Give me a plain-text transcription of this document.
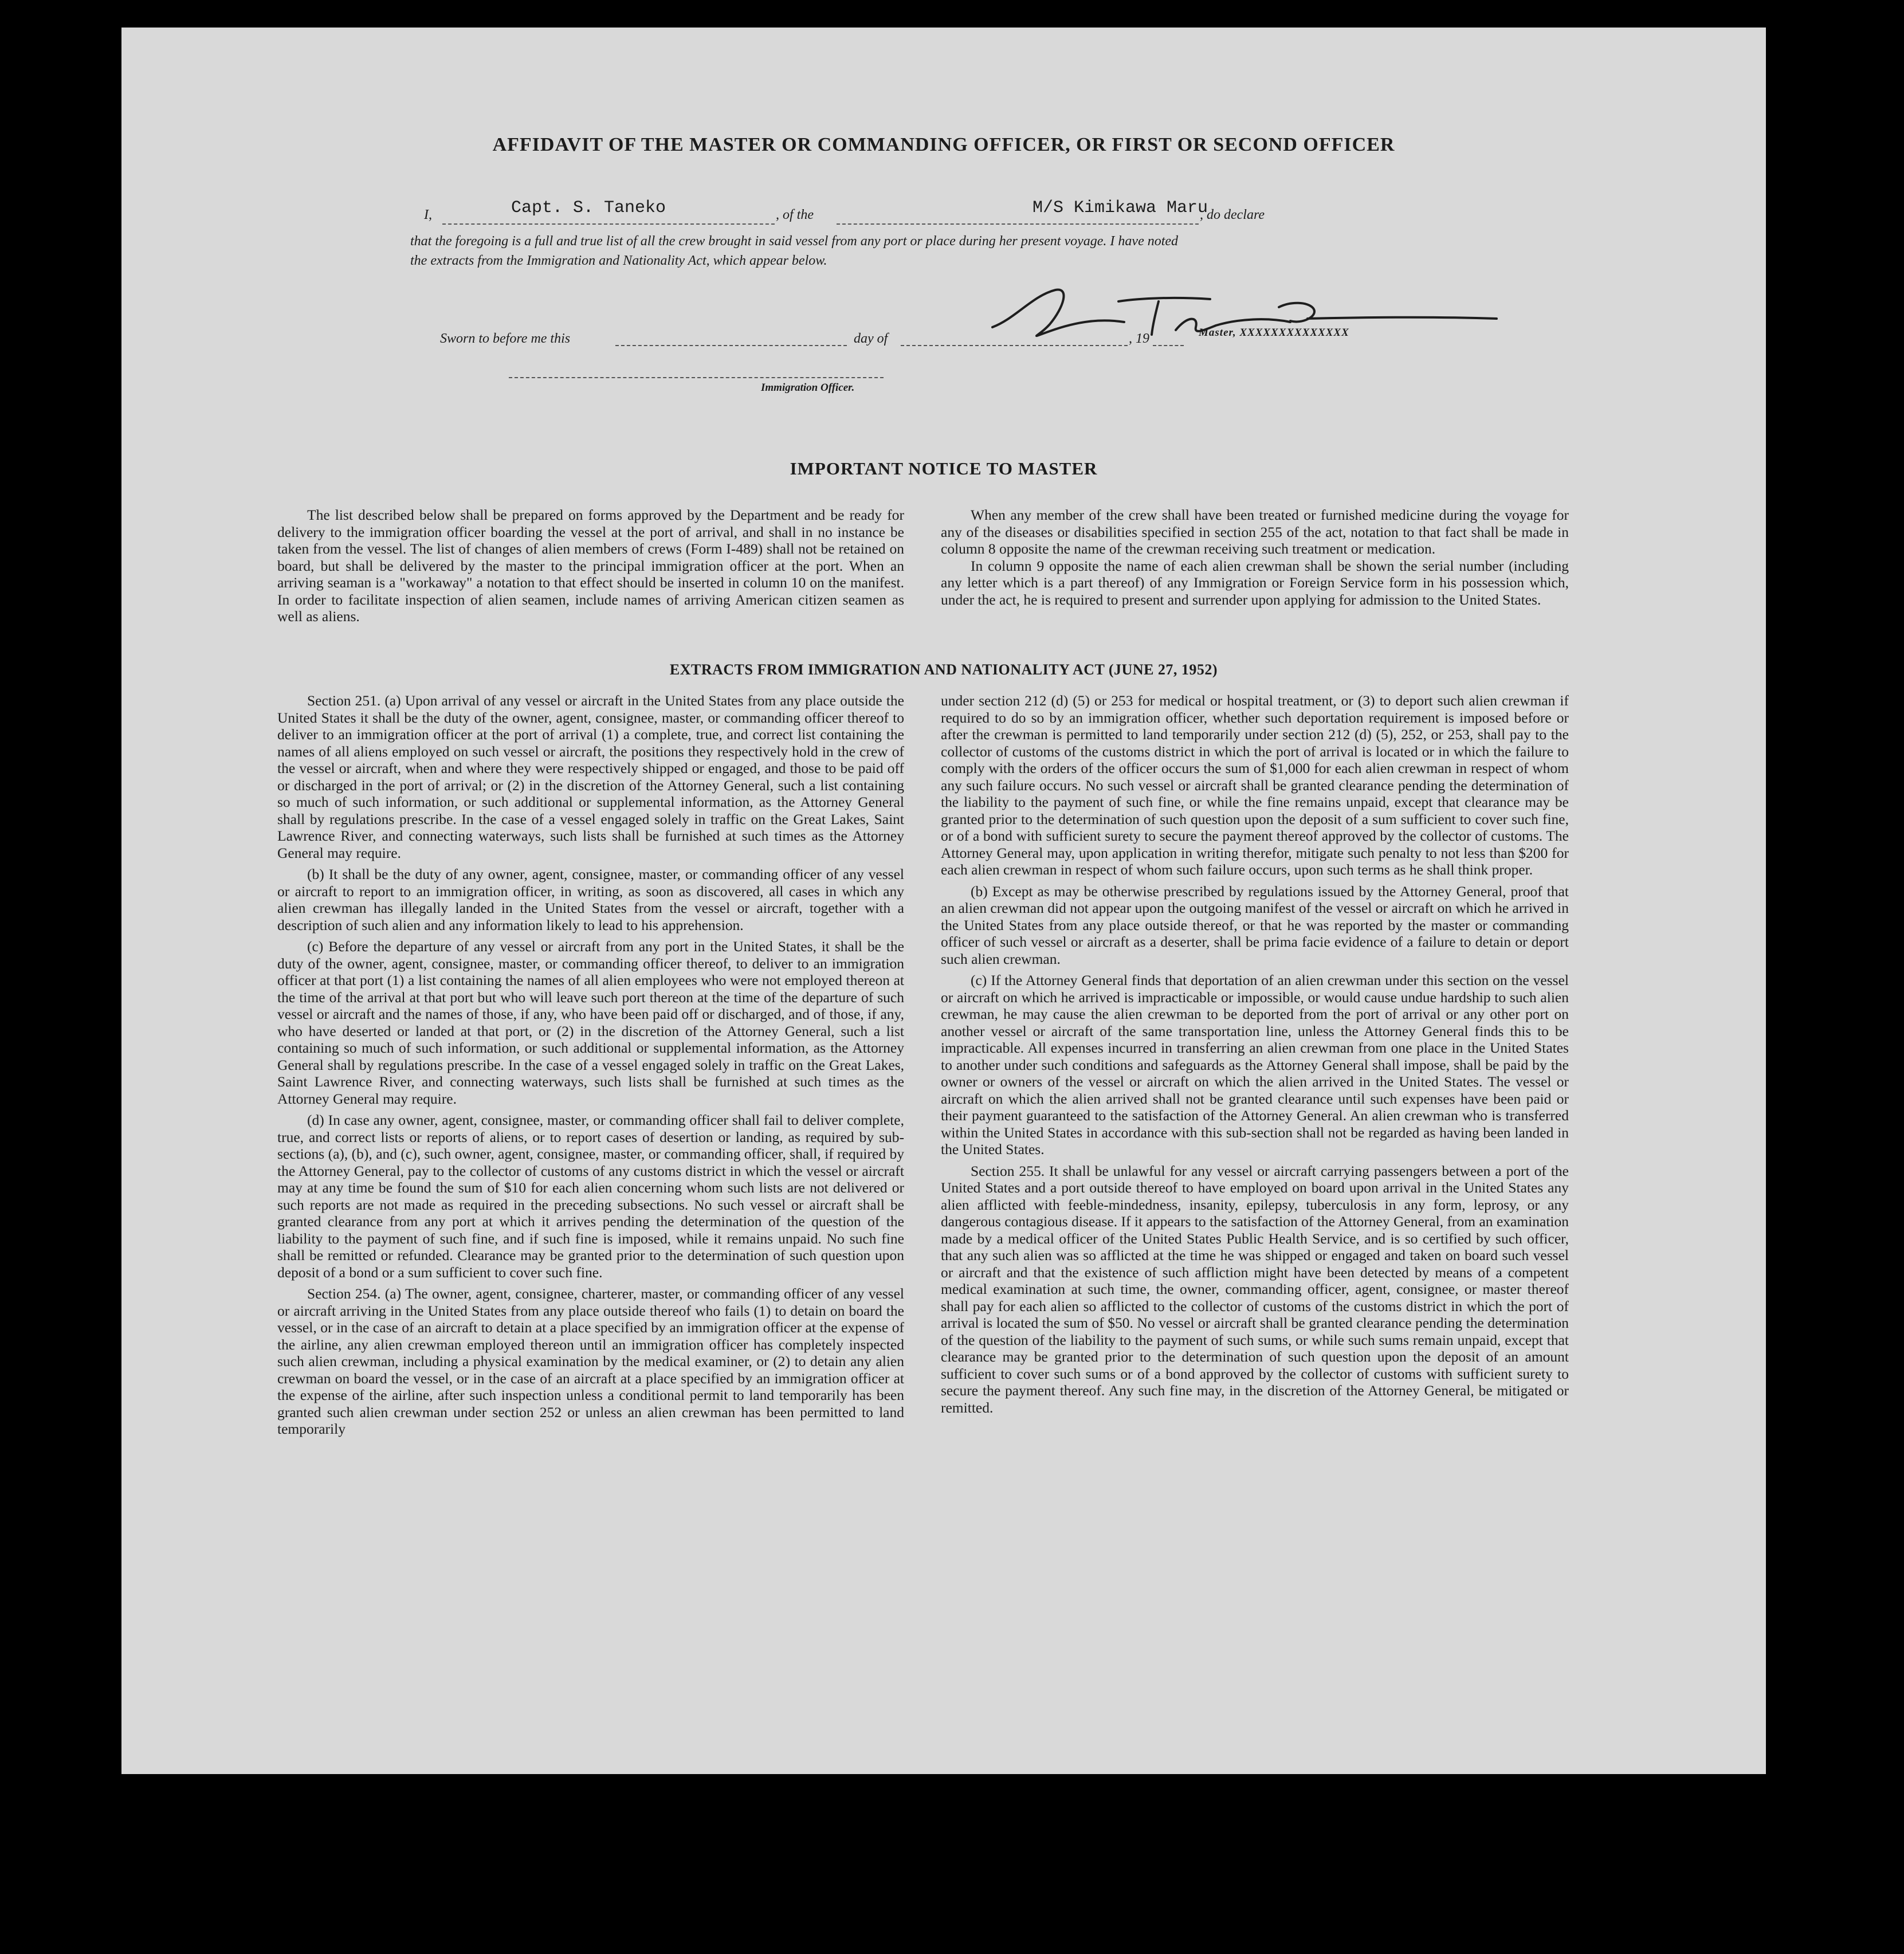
AFFIDAVIT OF THE MASTER OR COMMANDING OFFICER, OR FIRST OR SECOND OFFICER
I,	Capt. S. Taneko	, of the	M/S Kimikawa Maru
, do declare
that the foregoing is a full and true list of all the crew brought in said vessel from any port or place during her present voyage. I have noted
the extracts from the Immigration and Nationality Act, which appear below.
Master, XXXXXXXXXXXXXX
Sworn to before me this	day of	, 19
Immigration Officer.
IMPORTANT NOTICE TO MASTER

The list described below shall be prepared on forms approved by the Department and be ready for delivery to the immigration officer boarding the vessel at the port of arrival, and shall in no instance be taken from the vessel. The list of changes of alien members of crews (Form I-489) shall not be retained on board, but shall be delivered by the master to the principal immigration officer at the port. When an arriving seaman is a "workaway" a notation to that effect should be inserted in column 10 on the manifest. In order to facilitate inspection of alien seamen, include names of arriving American citizen seamen as well as aliens.

When any member of the crew shall have been treated or furnished medicine during the voyage for any of the diseases or disabilities specified in section 255 of the act, notation to that fact shall be made in column 8 opposite the name of the crewman receiving such treatment or medication.

In column 9 opposite the name of each alien crewman shall be shown the serial number (including any letter which is a part thereof) of any Immigration or Foreign Service form in his possession which, under the act, he is required to present and surrender upon applying for admission to the United States.

EXTRACTS FROM IMMIGRATION AND NATIONALITY ACT (JUNE 27, 1952)

Section 251. (a) Upon arrival of any vessel or aircraft in the United States from any place outside the United States it shall be the duty of the owner, agent, consignee, master, or commanding officer thereof to deliver to an immigration officer at the port of arrival (1) a complete, true, and correct list containing the names of all aliens employed on such vessel or aircraft, the positions they respectively hold in the crew of the vessel or aircraft, when and where they were respectively shipped or engaged, and those to be paid off or discharged in the port of arrival; or (2) in the discretion of the Attorney General, such a list containing so much of such information, or such additional or supplemental information, as the Attorney General shall by regulations prescribe. In the case of a vessel engaged solely in traffic on the Great Lakes, Saint Lawrence River, and connecting waterways, such lists shall be furnished at such times as the Attorney General may require.

(b) It shall be the duty of any owner, agent, consignee, master, or commanding officer of any vessel or aircraft to report to an immigration officer, in writing, as soon as discovered, all cases in which any alien crewman has illegally landed in the United States from the vessel or aircraft, together with a description of such alien and any information likely to lead to his apprehension.

(c) Before the departure of any vessel or aircraft from any port in the United States, it shall be the duty of the owner, agent, consignee, master, or commanding officer thereof, to deliver to an immigration officer at that port (1) a list containing the names of all alien employees who were not employed thereon at the time of the arrival at that port but who will leave such port thereon at the time of the departure of such vessel or aircraft and the names of those, if any, who have been paid off or discharged, and of those, if any, who have deserted or landed at that port, or (2) in the discretion of the Attorney General, such a list containing so much of such information, or such additional or supplemental information, as the Attorney General shall by regulations prescribe. In the case of a vessel engaged solely in traffic on the Great Lakes, Saint Lawrence River, and connecting waterways, such lists shall be furnished at such times as the Attorney General may require.

(d) In case any owner, agent, consignee, master, or commanding officer shall fail to deliver complete, true, and correct lists or reports of aliens, or to report cases of desertion or landing, as required by sub-sections (a), (b), and (c), such owner, agent, consignee, master, or commanding officer, shall, if required by the Attorney General, pay to the collector of customs of any customs district in which the vessel or aircraft may at any time be found the sum of $10 for each alien concerning whom such lists are not delivered or such reports are not made as required in the preceding subsections. No such vessel or aircraft shall be granted clearance from any port at which it arrives pending the determination of the question of the liability to the payment of such fine, and if such fine is imposed, while it remains unpaid. No such fine shall be remitted or refunded. Clearance may be granted prior to the determination of such question upon deposit of a bond or a sum sufficient to cover such fine.

Section 254. (a) The owner, agent, consignee, charterer, master, or commanding officer of any vessel or aircraft arriving in the United States from any place outside thereof who fails (1) to detain on board the vessel, or in the case of an aircraft to detain at a place specified by an immigration officer at the expense of the airline, any alien crewman employed thereon until an immigration officer has completely inspected such alien crewman, including a physical examination by the medical examiner, or (2) to detain any alien crewman on board the vessel, or in the case of an aircraft at a place specified by an immigration officer at the expense of the airline, after such inspection unless a conditional permit to land temporarily has been granted such alien crewman under section 252 or unless an alien crewman has been permitted to land temporarily

under section 212 (d) (5) or 253 for medical or hospital treatment, or (3) to deport such alien crewman if required to do so by an immigration officer, whether such deportation requirement is imposed before or after the crewman is permitted to land temporarily under section 212 (d) (5), 252, or 253, shall pay to the collector of customs of the customs district in which the port of arrival is located or in which the failure to comply with the orders of the officer occurs the sum of $1,000 for each alien crewman in respect of whom any such failure occurs. No such vessel or aircraft shall be granted clearance pending the determination of the liability to the payment of such fine, or while the fine remains unpaid, except that clearance may be granted prior to the determination of such question upon the deposit of a sum sufficient to cover such fine, or of a bond with sufficient surety to secure the payment thereof approved by the collector of customs. The Attorney General may, upon application in writing therefor, mitigate such penalty to not less than $200 for each alien crewman in respect of whom such failure occurs, upon such terms as he shall think proper.

(b) Except as may be otherwise prescribed by regulations issued by the Attorney General, proof that an alien crewman did not appear upon the outgoing manifest of the vessel or aircraft on which he arrived in the United States from any place outside thereof, or that he was reported by the master or commanding officer of such vessel or aircraft as a deserter, shall be prima facie evidence of a failure to detain or deport such alien crewman.

(c) If the Attorney General finds that deportation of an alien crewman under this section on the vessel or aircraft on which he arrived is impracticable or impossible, or would cause undue hardship to such alien crewman, he may cause the alien crewman to be deported from the port of arrival or any other port on another vessel or aircraft of the same transportation line, unless the Attorney General finds this to be impracticable. All expenses incurred in transferring an alien crewman from one place in the United States to another under such conditions and safeguards as the Attorney General shall impose, shall be paid by the owner or owners of the vessel or aircraft on which the alien arrived in the United States. The vessel or aircraft on which the alien arrived shall not be granted clearance until such expenses have been paid or their payment guaranteed to the satisfaction of the Attorney General. An alien crewman who is transferred within the United States in accordance with this sub-section shall not be regarded as having been landed in the United States.

Section 255. It shall be unlawful for any vessel or aircraft carrying passengers between a port of the United States and a port outside thereof to have employed on board upon arrival in the United States any alien afflicted with feeble-mindedness, insanity, epilepsy, tuberculosis in any form, leprosy, or any dangerous contagious disease. If it appears to the satisfaction of the Attorney General, from an examination made by a medical officer of the United States Public Health Service, and is so certified by such officer, that any such alien was so afflicted at the time he was shipped or engaged and taken on board such vessel or aircraft and that the existence of such affliction might have been detected by means of a competent medical examination at such time, the owner, commanding officer, agent, consignee, or master thereof shall pay for each alien so afflicted to the collector of customs of the customs district in which the port of arrival is located the sum of $50. No vessel or aircraft shall be granted clearance pending the determination of the question of the liability to the payment of such sums, or while such sums remain unpaid, except that clearance may be granted prior to the determination of such question upon the deposit of an amount sufficient to cover such sums or of a bond approved by the collector of customs with sufficient surety to secure the payment thereof. Any such fine may, in the discretion of the Attorney General, be mitigated or remitted.
